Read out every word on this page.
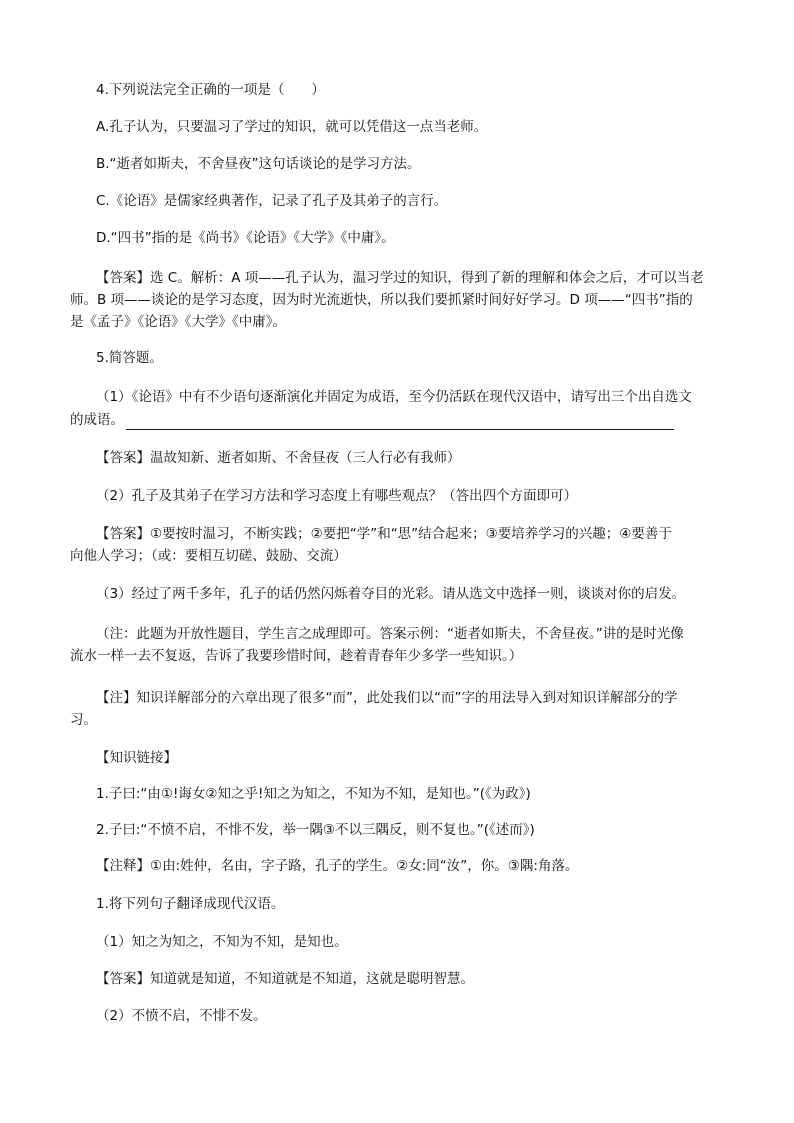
4.下列说法完全正确的一项是（　　）
A.孔子认为，只要温习了学过的知识，就可以凭借这一点当老师。
B.“逝者如斯夫，不舍昼夜”这句话谈论的是学习方法。
C.《论语》是儒家经典著作，记录了孔子及其弟子的言行。
D.“四书”指的是《尚书》《论语》《大学》《中庸》。
【答案】选 C。解析：A 项——孔子认为，温习学过的知识，得到了新的理解和体会之后，才可以当老
师。B 项——谈论的是学习态度，因为时光流逝快，所以我们要抓紧时间好好学习。D 项——“四书”指的
是《孟子》《论语》《大学》《中庸》。
5.简答题。
（1）《论语》中有不少语句逐渐演化并固定为成语，至今仍活跃在现代汉语中，请写出三个出自选文
的成语。
【答案】温故知新、逝者如斯、不舍昼夜（三人行必有我师）
（2）孔子及其弟子在学习方法和学习态度上有哪些观点？（答出四个方面即可）
【答案】①要按时温习，不断实践；②要把“学”和“思”结合起来；③要培养学习的兴趣；④要善于
向他人学习；（或：要相互切磋、鼓励、交流）
（3）经过了两千多年，孔子的话仍然闪烁着夺目的光彩。请从选文中选择一则，谈谈对你的启发。
（注：此题为开放性题目，学生言之成理即可。答案示例：“逝者如斯夫，不舍昼夜。”讲的是时光像
流水一样一去不复返，告诉了我要珍惜时间，趁着青春年少多学一些知识。）
【注】知识详解部分的六章出现了很多“而”，此处我们以“而”字的用法导入到对知识详解部分的学
习。
【知识链接】
1.子曰:“由①!诲女②知之乎!知之为知之，不知为不知，是知也。”(《为政》)
2.子曰:“不愤不启，不悱不发，举一隅③不以三隅反，则不复也。”(《述而》)
【注释】①由:姓仲，名由，字子路，孔子的学生。②女:同“汝”，你。③隅:角落。
1.将下列句子翻译成现代汉语。
（1）知之为知之，不知为不知，是知也。
【答案】知道就是知道，不知道就是不知道，这就是聪明智慧。
（2）不愤不启，不悱不发。
